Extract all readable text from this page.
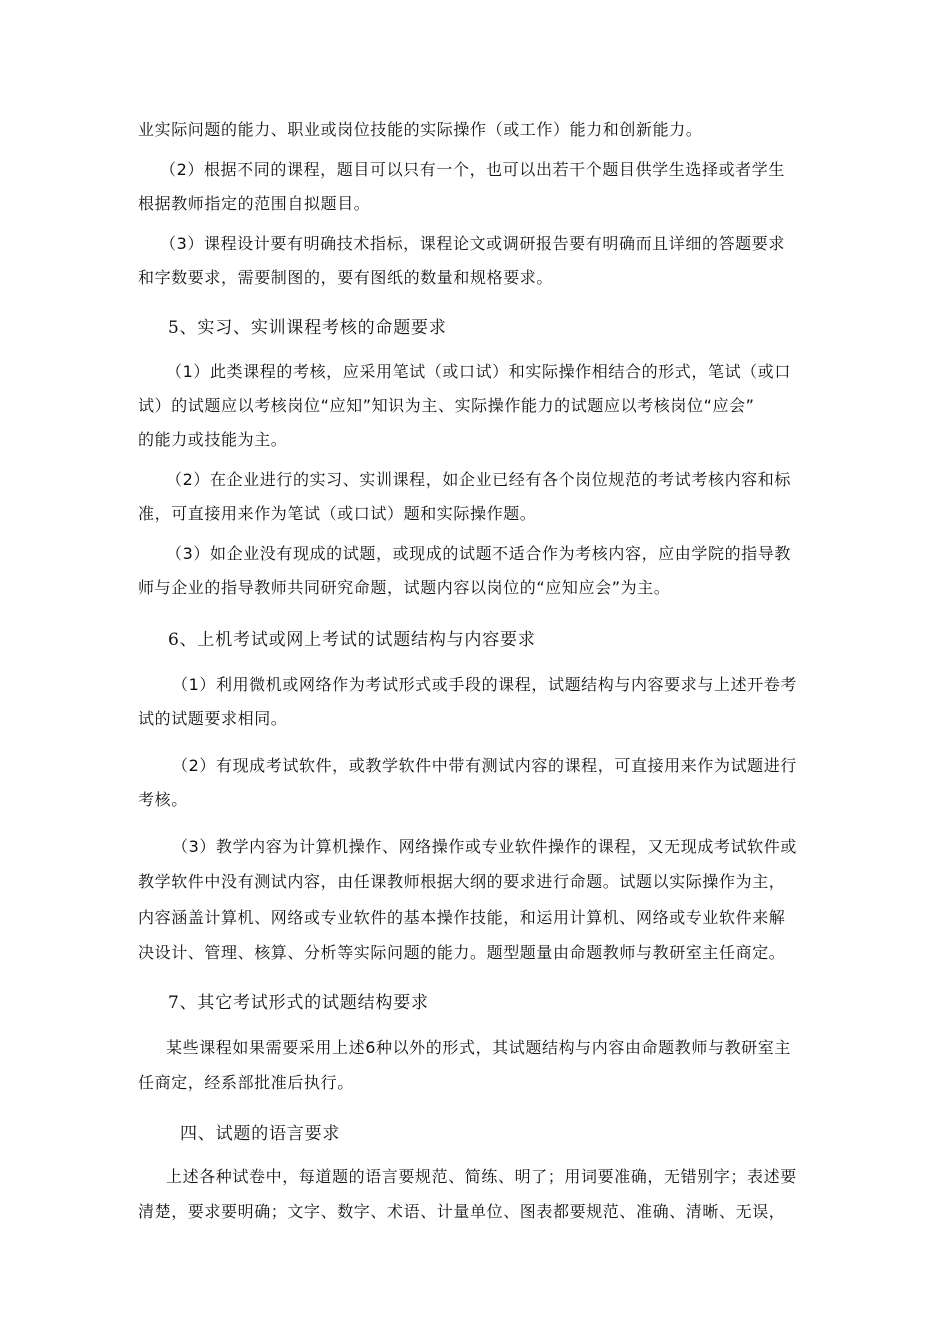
业实际问题的能力、职业或岗位技能的实际操作（或工作）能力和创新能力。
（2）根据不同的课程，题目可以只有一个，也可以出若干个题目供学生选择或者学生
根据教师指定的范围自拟题目。
（3）课程设计要有明确技术指标，课程论文或调研报告要有明确而且详细的答题要求
和字数要求，需要制图的，要有图纸的数量和规格要求。
5、实习、实训课程考核的命题要求
（1）此类课程的考核，应采用笔试（或口试）和实际操作相结合的形式，笔试（或口
试）的试题应以考核岗位“应知”知识为主、实际操作能力的试题应以考核岗位“应会”
的能力或技能为主。
（2）在企业进行的实习、实训课程，如企业已经有各个岗位规范的考试考核内容和标
准，可直接用来作为笔试（或口试）题和实际操作题。
（3）如企业没有现成的试题，或现成的试题不适合作为考核内容，应由学院的指导教
师与企业的指导教师共同研究命题，试题内容以岗位的“应知应会”为主。
6、上机考试或网上考试的试题结构与内容要求
（1）利用微机或网络作为考试形式或手段的课程，试题结构与内容要求与上述开卷考
试的试题要求相同。
（2）有现成考试软件，或教学软件中带有测试内容的课程，可直接用来作为试题进行
考核。
（3）教学内容为计算机操作、网络操作或专业软件操作的课程，又无现成考试软件或
教学软件中没有测试内容，由任课教师根据大纲的要求进行命题。试题以实际操作为主，
内容涵盖计算机、网络或专业软件的基本操作技能，和运用计算机、网络或专业软件来解
决设计、管理、核算、分析等实际问题的能力。题型题量由命题教师与教研室主任商定。
7、其它考试形式的试题结构要求
某些课程如果需要采用上述6种以外的形式，其试题结构与内容由命题教师与教研室主
任商定，经系部批准后执行。
四、试题的语言要求
上述各种试卷中，每道题的语言要规范、简练、明了；用词要准确，无错别字；表述要
清楚，要求要明确；文字、数字、术语、计量单位、图表都要规范、准确、清晰、无误，
